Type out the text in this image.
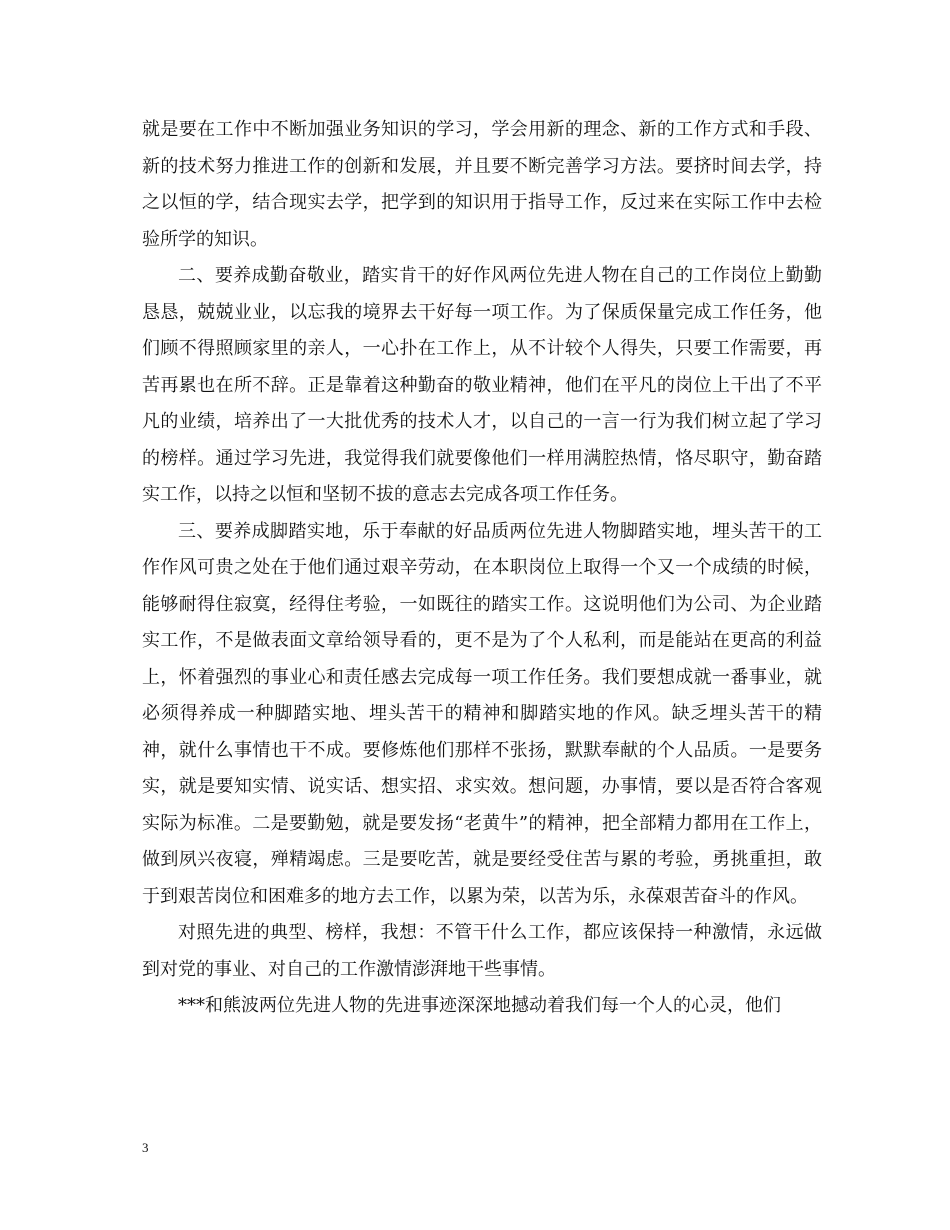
就是要在工作中不断加强业务知识的学习，学会用新的理念、新的工作方式和手段、新的技术努力推进工作的创新和发展，并且要不断完善学习方法。要挤时间去学，持之以恒的学，结合现实去学，把学到的知识用于指导工作，反过来在实际工作中去检验所学的知识。

二、要养成勤奋敬业，踏实肯干的好作风两位先进人物在自己的工作岗位上勤勤恳恳，兢兢业业，以忘我的境界去干好每一项工作。为了保质保量完成工作任务，他们顾不得照顾家里的亲人，一心扑在工作上，从不计较个人得失，只要工作需要，再苦再累也在所不辞。正是靠着这种勤奋的敬业精神，他们在平凡的岗位上干出了不平凡的业绩，培养出了一大批优秀的技术人才，以自己的一言一行为我们树立起了学习的榜样。通过学习先进，我觉得我们就要像他们一样用满腔热情，恪尽职守，勤奋踏实工作，以持之以恒和坚韧不拔的意志去完成各项工作任务。

三、要养成脚踏实地，乐于奉献的好品质两位先进人物脚踏实地，埋头苦干的工作作风可贵之处在于他们通过艰辛劳动，在本职岗位上取得一个又一个成绩的时候，能够耐得住寂寞，经得住考验，一如既往的踏实工作。这说明他们为公司、为企业踏实工作，不是做表面文章给领导看的，更不是为了个人私利，而是能站在更高的利益上，怀着强烈的事业心和责任感去完成每一项工作任务。我们要想成就一番事业，就必须得养成一种脚踏实地、埋头苦干的精神和脚踏实地的作风。缺乏埋头苦干的精神，就什么事情也干不成。要修炼他们那样不张扬，默默奉献的个人品质。一是要务实，就是要知实情、说实话、想实招、求实效。想问题，办事情，要以是否符合客观实际为标准。二是要勤勉，就是要发扬“老黄牛”的精神，把全部精力都用在工作上，做到夙兴夜寝，殚精竭虑。三是要吃苦，就是要经受住苦与累的考验，勇挑重担，敢于到艰苦岗位和困难多的地方去工作，以累为荣，以苦为乐，永葆艰苦奋斗的作风。

对照先进的典型、榜样，我想：不管干什么工作，都应该保持一种激情，永远做到对党的事业、对自己的工作激情澎湃地干些事情。

***和熊波两位先进人物的先进事迹深深地撼动着我们每一个人的心灵，他们

3
